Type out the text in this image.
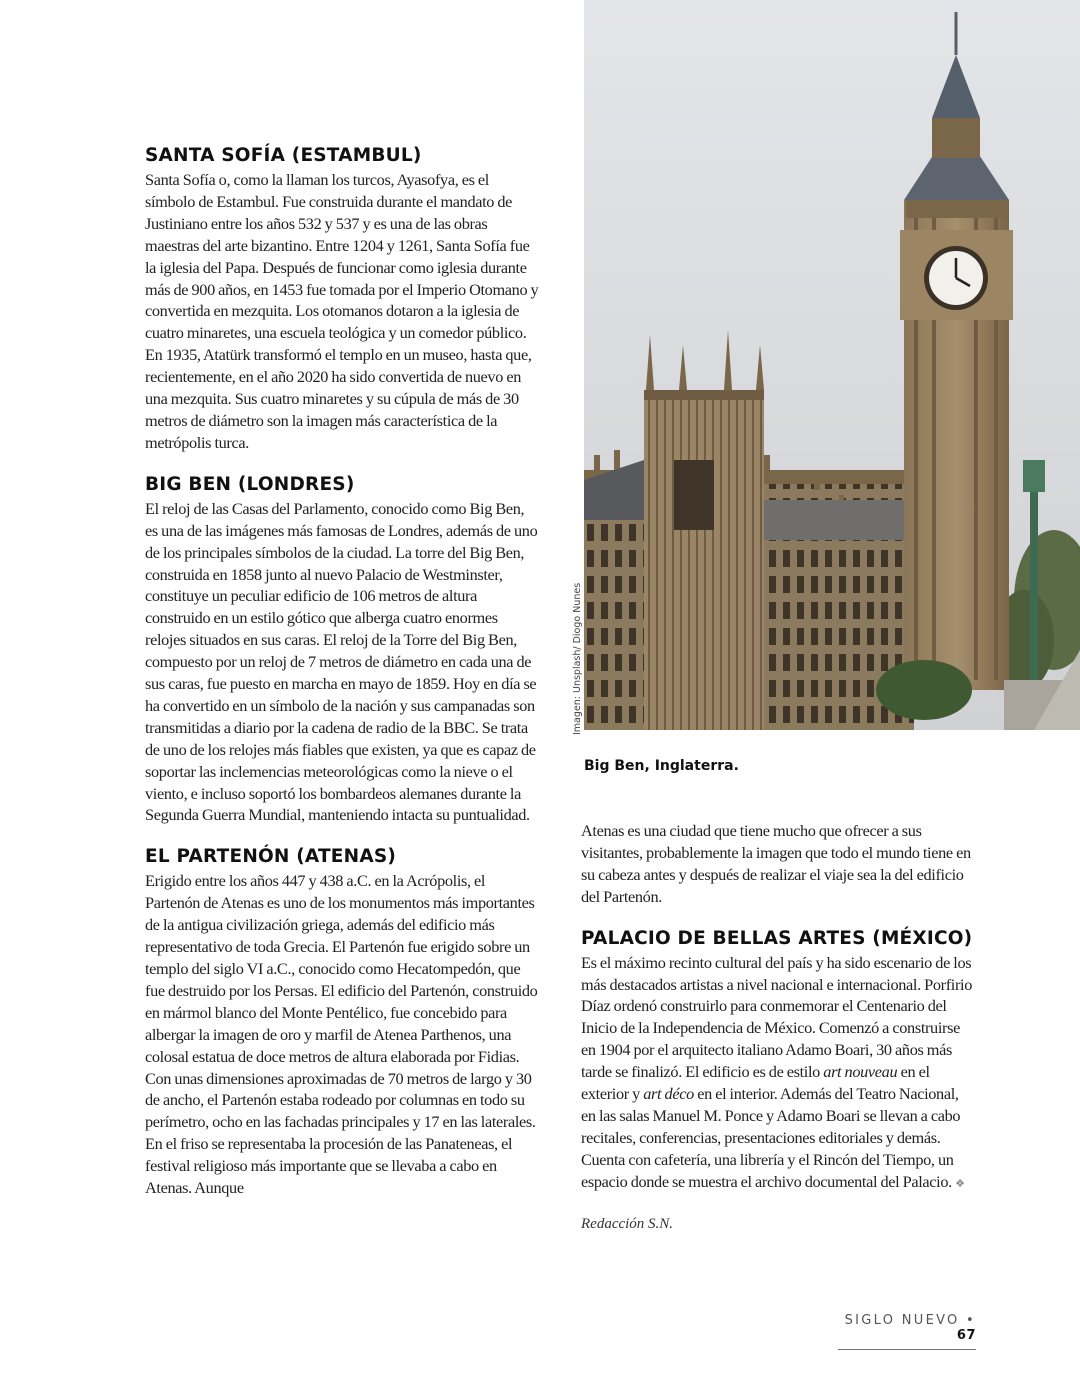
Imagen: Unsplash/ Diogo Nunes
Big Ben, Inglaterra.
SANTA SOFÍA (ESTAMBUL)

Santa Sofía o, como la llaman los turcos, Ayasofya, es el símbolo de Estambul. Fue construida durante el mandato de Justiniano entre los años 532 y 537 y es una de las obras maestras del arte bizantino. Entre 1204 y 1261, Santa Sofía fue la iglesia del Papa. Después de funcionar como iglesia durante más de 900 años, en 1453 fue tomada por el Imperio Otomano y convertida en mezquita. Los otomanos dotaron a la iglesia de cuatro minaretes, una escuela teológica y un comedor público. En 1935, Atatürk transformó el templo en un museo, hasta que, recientemente, en el año 2020 ha sido convertida de nuevo en una mezquita. Sus cuatro minaretes y su cúpula de más de 30 metros de diámetro son la imagen más característica de la metrópolis turca.

BIG BEN (LONDRES)

El reloj de las Casas del Parlamento, conocido como Big Ben, es una de las imágenes más famosas de Londres, además de uno de los principales símbolos de la ciudad. La torre del Big Ben, construida en 1858 junto al nuevo Palacio de Westminster, constituye un peculiar edificio de 106 metros de altura construido en un estilo gótico que alberga cuatro enormes relojes situados en sus caras. El reloj de la Torre del Big Ben, compuesto por un reloj de 7 metros de diámetro en cada una de sus caras, fue puesto en marcha en mayo de 1859. Hoy en día se ha convertido en un símbolo de la nación y sus campanadas son transmitidas a diario por la cadena de radio de la BBC. Se trata de uno de los relojes más fiables que existen, ya que es capaz de soportar las inclemencias meteorológicas como la nieve o el viento, e incluso soportó los bombardeos alemanes durante la Segunda Guerra Mundial, manteniendo intacta su puntualidad.

EL PARTENÓN (ATENAS)

Erigido entre los años 447 y 438 a.C. en la Acrópolis, el Partenón de Atenas es uno de los monumentos más importantes de la antigua civilización griega, además del edificio más representativo de toda Grecia. El Partenón fue erigido sobre un templo del siglo VI a.C., conocido como Hecatompedón, que fue destruido por los Persas. El edificio del Partenón, construido en mármol blanco del Monte Pentélico, fue concebido para albergar la imagen de oro y marfil de Atenea Parthenos, una colosal estatua de doce metros de altura elaborada por Fidias. Con unas dimensiones aproximadas de 70 metros de largo y 30 de ancho, el Partenón estaba rodeado por columnas en todo su perímetro, ocho en las fachadas principales y 17 en las laterales. En el friso se representaba la procesión de las Panateneas, el festival religioso más importante que se llevaba a cabo en Atenas. Aunque

Atenas es una ciudad que tiene mucho que ofrecer a sus visitantes, probablemente la imagen que todo el mundo tiene en su cabeza antes y después de realizar el viaje sea la del edificio del Partenón.

PALACIO DE BELLAS ARTES (MÉXICO)

Es el máximo recinto cultural del país y ha sido escenario de los más destacados artistas a nivel nacional e internacional. Porfirio Díaz ordenó construirlo para conmemorar el Centenario del Inicio de la Independencia de México. Comenzó a construirse en 1904 por el arquitecto italiano Adamo Boari, 30 años más tarde se finalizó. El edificio es de estilo art nouveau en el exterior y art déco en el interior. Además del Teatro Nacional, en las salas Manuel M. Ponce y Adamo Boari se llevan a cabo recitales, conferencias, presentaciones editoriales y demás. Cuenta con cafetería, una librería y el Rincón del Tiempo, un espacio donde se muestra el archivo documental del Palacio. ❖

Redacción S.N.
SIGLO NUEVO • 67
